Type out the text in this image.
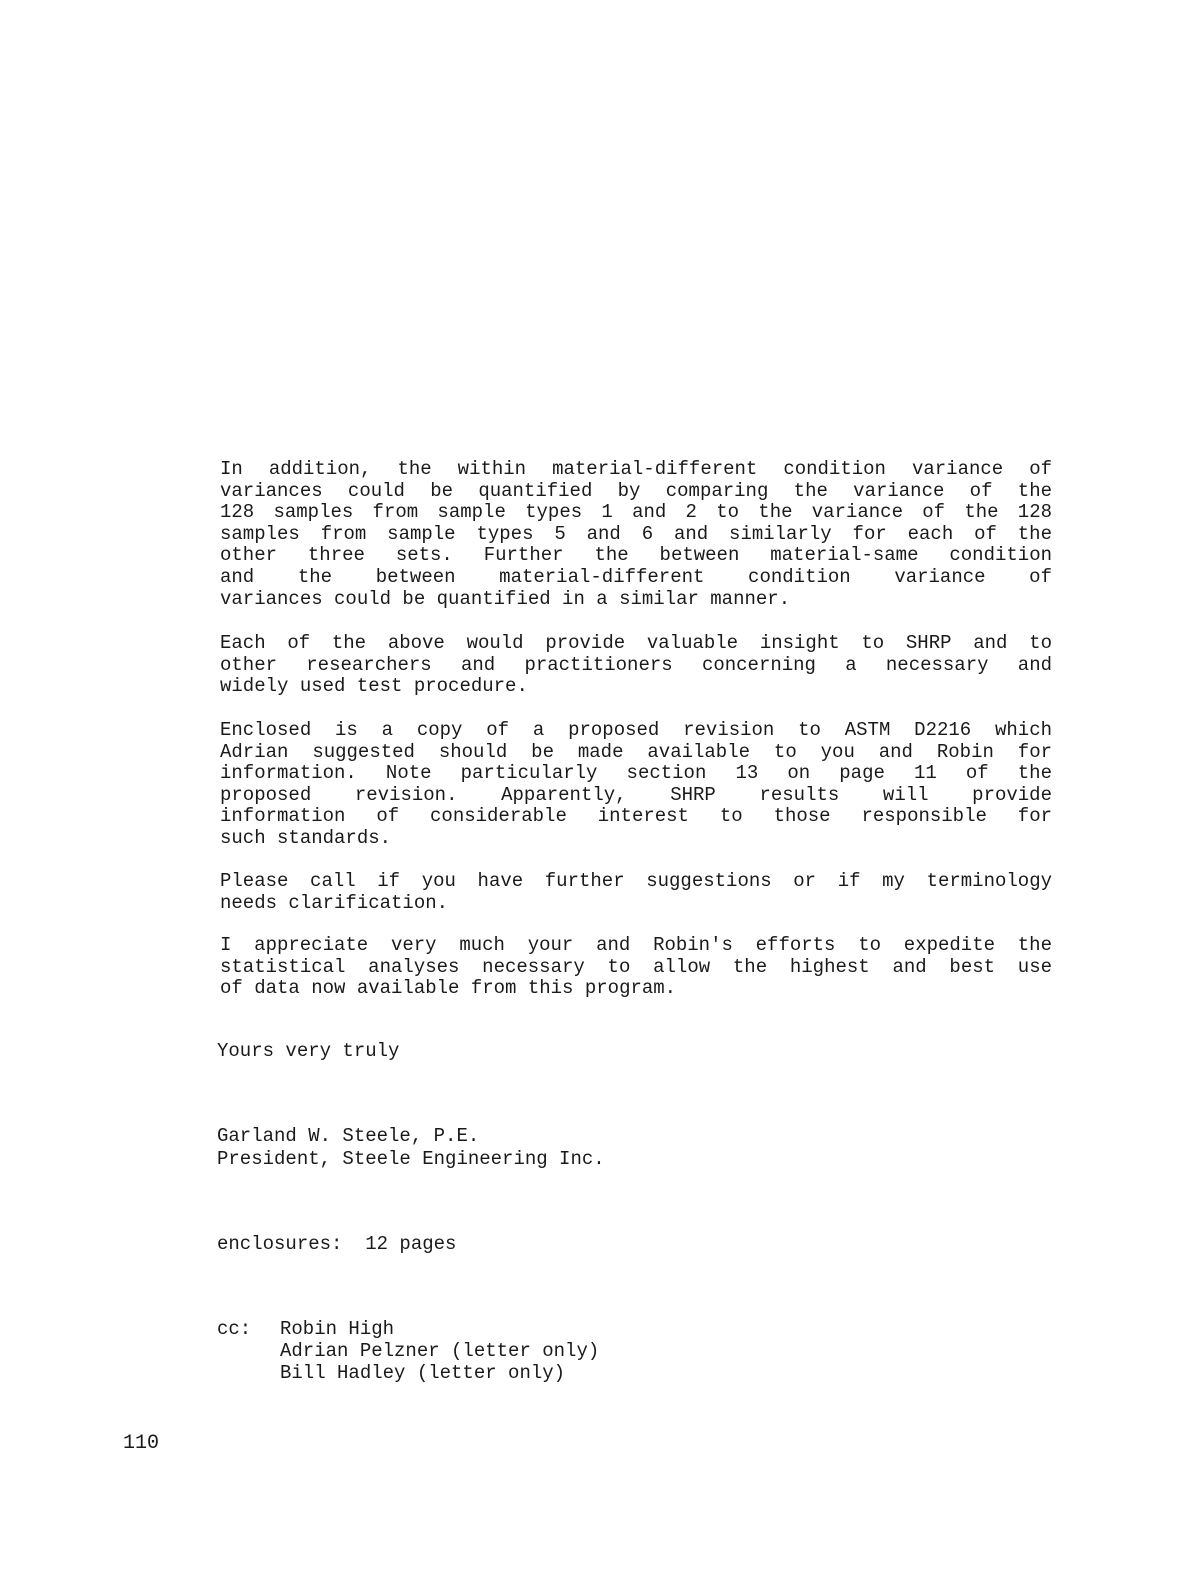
In addition, the within material-different condition variance of
variances could be quantified by comparing the variance of the
128 samples from sample types 1 and 2 to the variance of the 128
samples from sample types 5 and 6 and similarly for each of the
other three sets. Further the between material-same condition
and the between material-different condition variance of
variances could be quantified in a similar manner.
Each of the above would provide valuable insight to SHRP and to
other researchers and practitioners concerning a necessary and
widely used test procedure.
Enclosed is a copy of a proposed revision to ASTM D2216 which
Adrian suggested should be made available to you and Robin for
information. Note particularly section 13 on page 11 of the
proposed revision. Apparently, SHRP results will provide
information of considerable interest to those responsible for
such standards.
Please call if you have further suggestions or if my terminology
needs clarification.
I appreciate very much your and Robin's efforts to expedite the
statistical analyses necessary to allow the highest and best use
of data now available from this program.
Yours very truly
Garland W. Steele, P.E.
President, Steele Engineering Inc.
enclosures:  12 pages
cc: Robin High
Adrian Pelzner (letter only)
Bill Hadley (letter only)
110
